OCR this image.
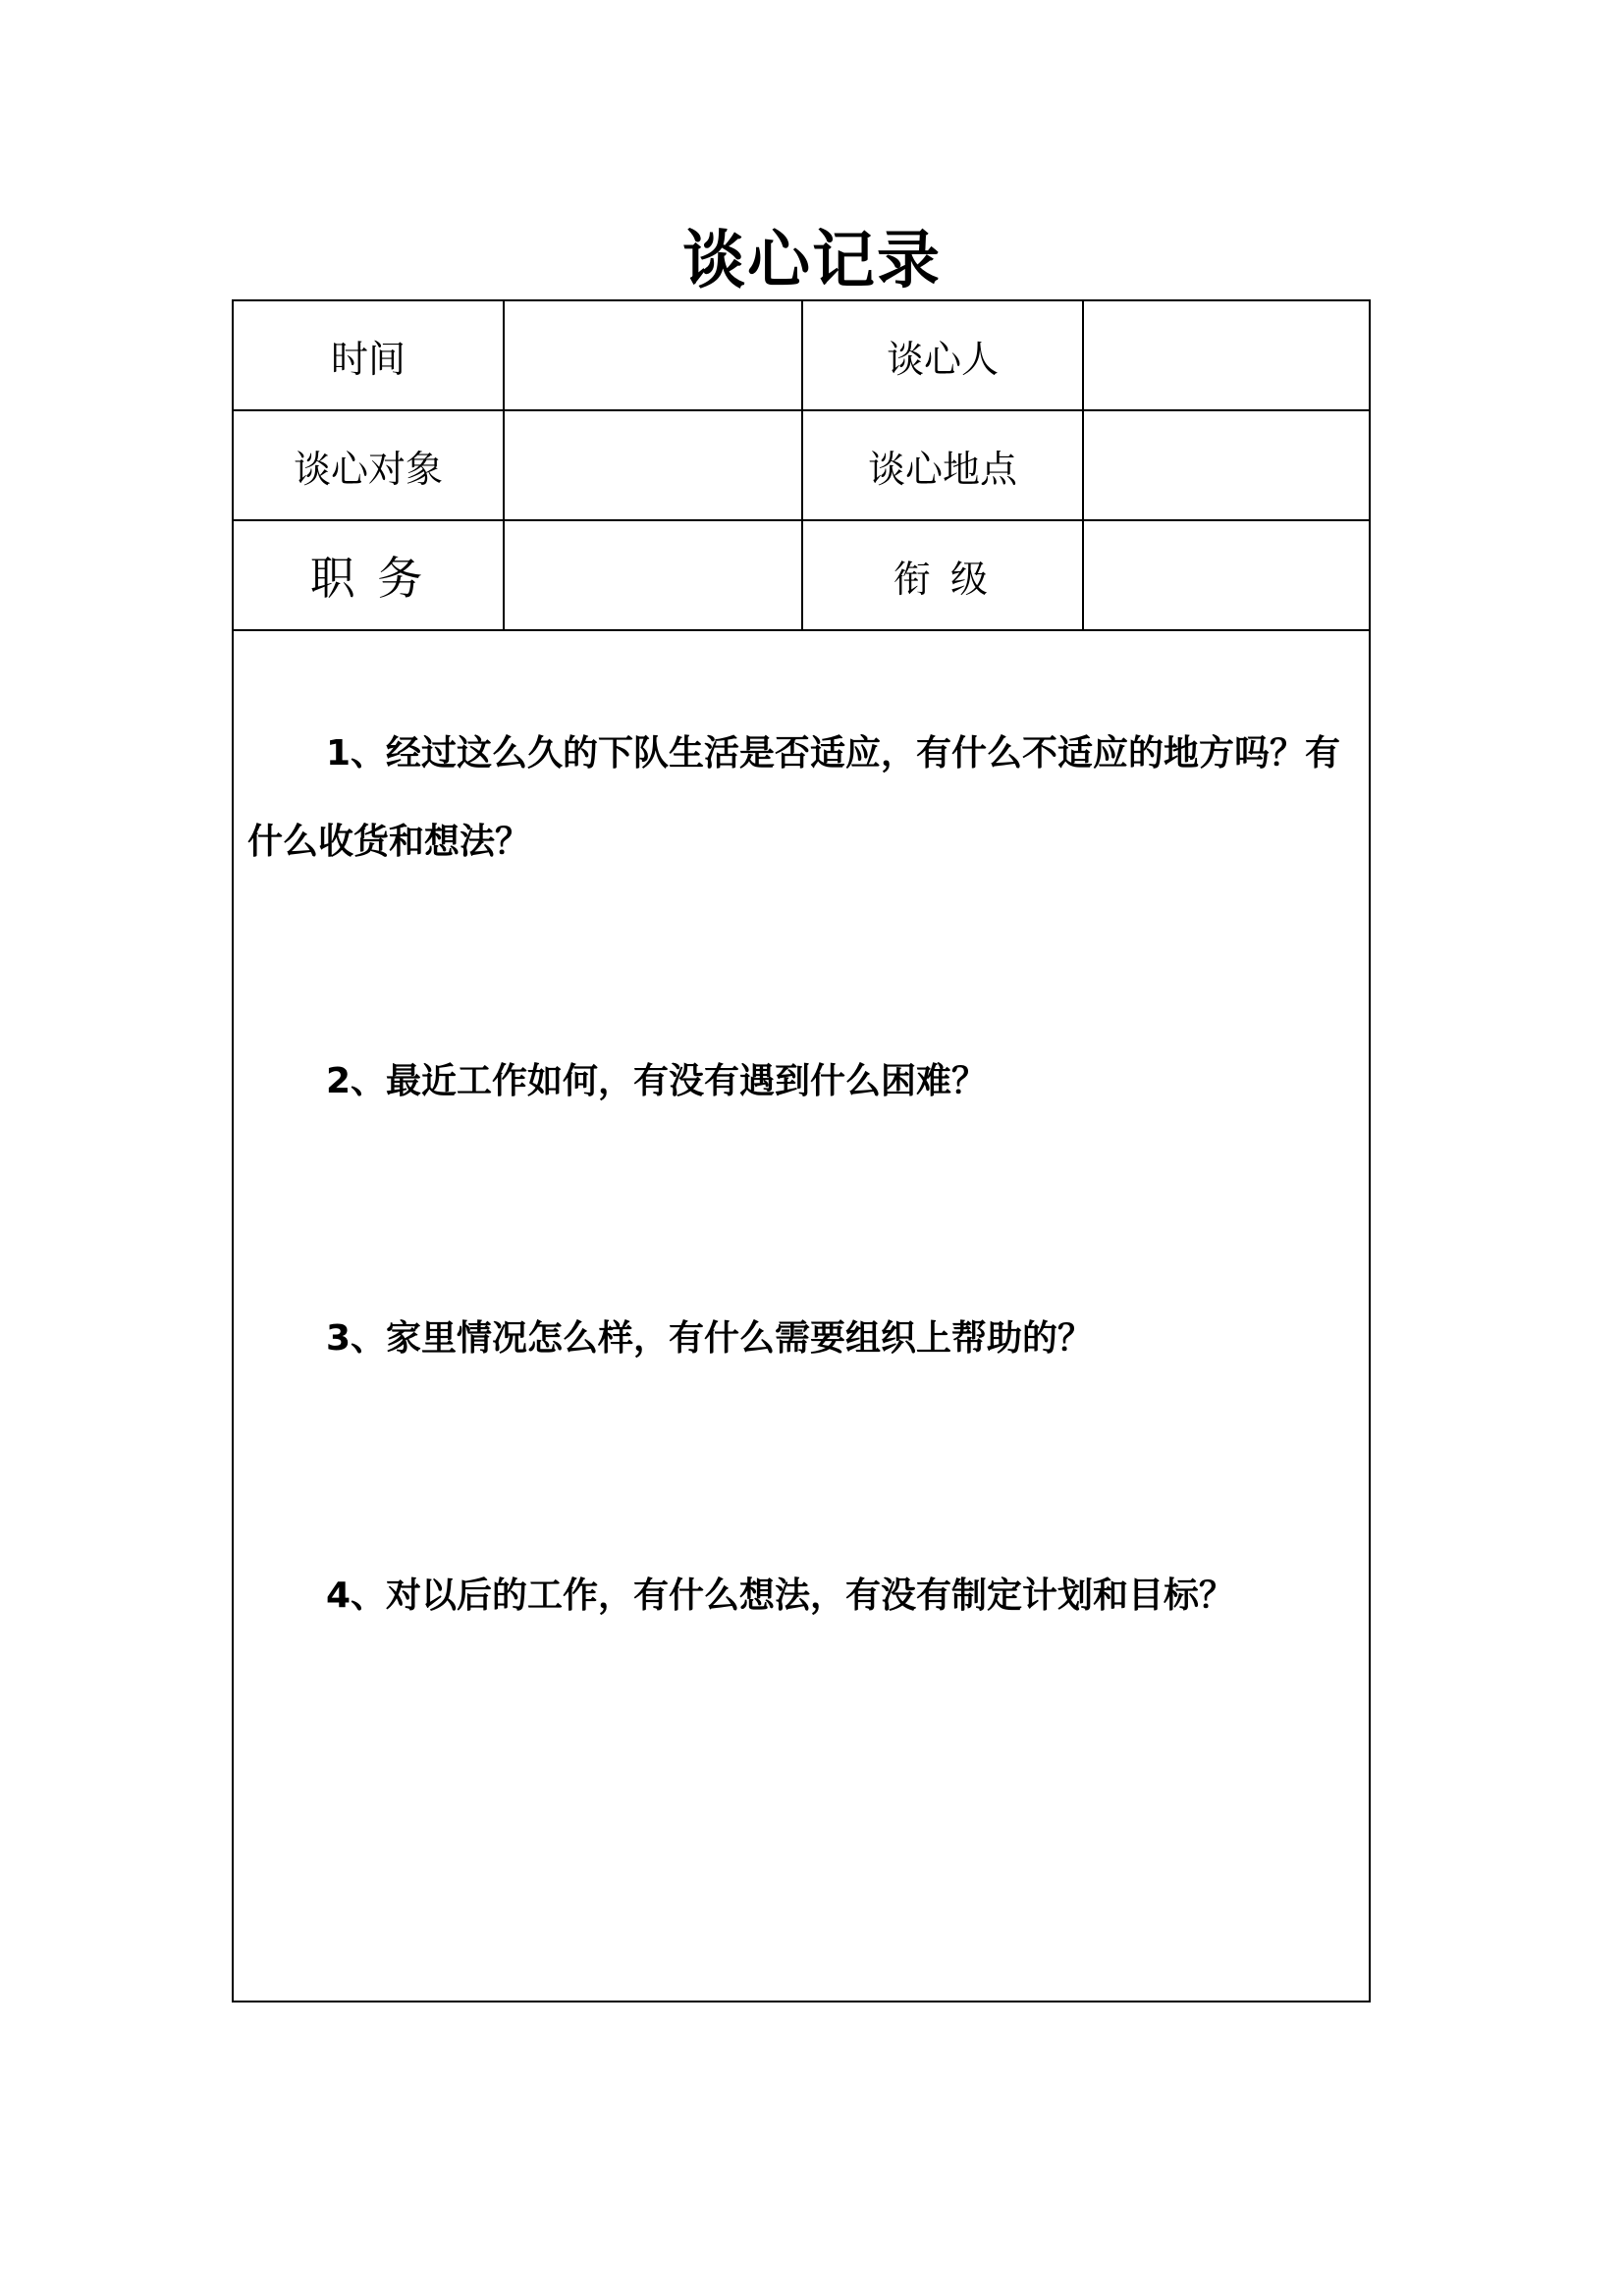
谈心记录
时间	谈心人
谈心对象	谈心地点
职 务	衔 级

1、经过这么久的下队生活是否适应，有什么不适应的地方吗？有什么收货和想法？

2、最近工作如何，有没有遇到什么困难？

3、家里情况怎么样，有什么需要组织上帮助的？

4、对以后的工作，有什么想法，有没有制定计划和目标？
